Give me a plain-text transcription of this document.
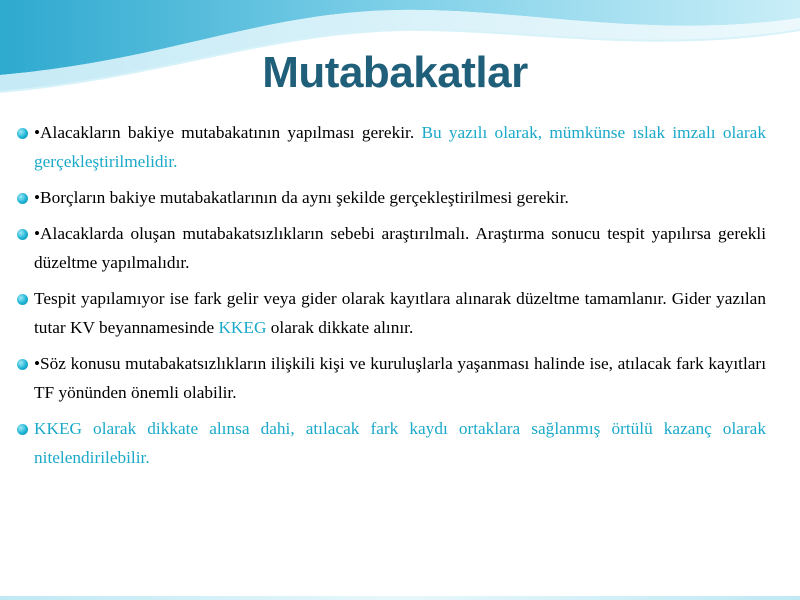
Mutabakatlar

•Alacakların bakiye mutabakatının yapılması gerekir. Bu yazılı olarak, mümkünse ıslak imzalı olarak gerçekleştirilmelidir.

•Borçların bakiye mutabakatlarının da aynı şekilde gerçekleştirilmesi gerekir.

•Alacaklarda oluşan mutabakatsızlıkların sebebi araştırılmalı. Araştırma sonucu tespit yapılırsa gerekli düzeltme yapılmalıdır.

Tespit yapılamıyor ise fark gelir veya gider olarak kayıtlara alınarak düzeltme tamamlanır. Gider yazılan tutar KV beyannamesinde KKEG olarak dikkate alınır.

•Söz konusu mutabakatsızlıkların ilişkili kişi ve kuruluşlarla yaşanması halinde ise, atılacak fark kayıtları TF yönünden önemli olabilir.

KKEG olarak dikkate alınsa dahi, atılacak fark kaydı ortaklara sağlanmış örtülü kazanç olarak nitelendirilebilir.
